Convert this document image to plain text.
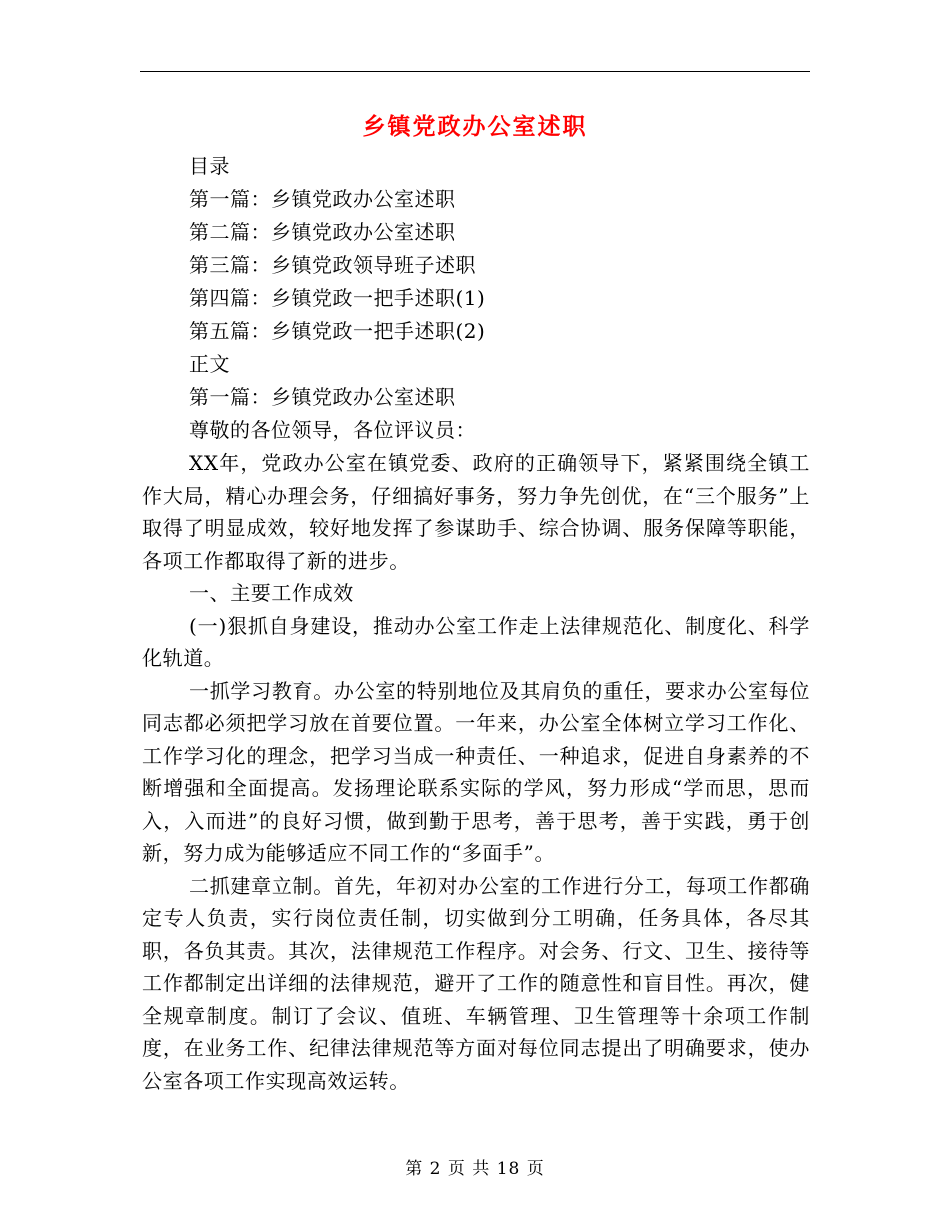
乡镇党政办公室述职
目录
第一篇：乡镇党政办公室述职
第二篇：乡镇党政办公室述职
第三篇：乡镇党政领导班子述职
第四篇：乡镇党政一把手述职(1)
第五篇：乡镇党政一把手述职(2)
正文
第一篇：乡镇党政办公室述职
尊敬的各位领导，各位评议员：

XX年，党政办公室在镇党委、政府的正确领导下，紧紧围绕全镇工作大局，精心办理会务，仔细搞好事务，努力争先创优，在“三个服务”上取得了明显成效，较好地发挥了参谋助手、综合协调、服务保障等职能，各项工作都取得了新的进步。

一、主要工作成效

(一)狠抓自身建设，推动办公室工作走上法律规范化、制度化、科学化轨道。

一抓学习教育。办公室的特别地位及其肩负的重任，要求办公室每位同志都必须把学习放在首要位置。一年来，办公室全体树立学习工作化、工作学习化的理念，把学习当成一种责任、一种追求，促进自身素养的不断增强和全面提高。发扬理论联系实际的学风，努力形成“学而思，思而入，入而进”的良好习惯，做到勤于思考，善于思考，善于实践，勇于创新，努力成为能够适应不同工作的“多面手”。

二抓建章立制。首先，年初对办公室的工作进行分工，每项工作都确定专人负责，实行岗位责任制，切实做到分工明确，任务具体，各尽其职，各负其责。其次，法律规范工作程序。对会务、行文、卫生、接待等工作都制定出详细的法律规范，避开了工作的随意性和盲目性。再次，健全规章制度。制订了会议、值班、车辆管理、卫生管理等十余项工作制度，在业务工作、纪律法律规范等方面对每位同志提出了明确要求，使办公室各项工作实现高效运转。

第 2 页 共 18 页
